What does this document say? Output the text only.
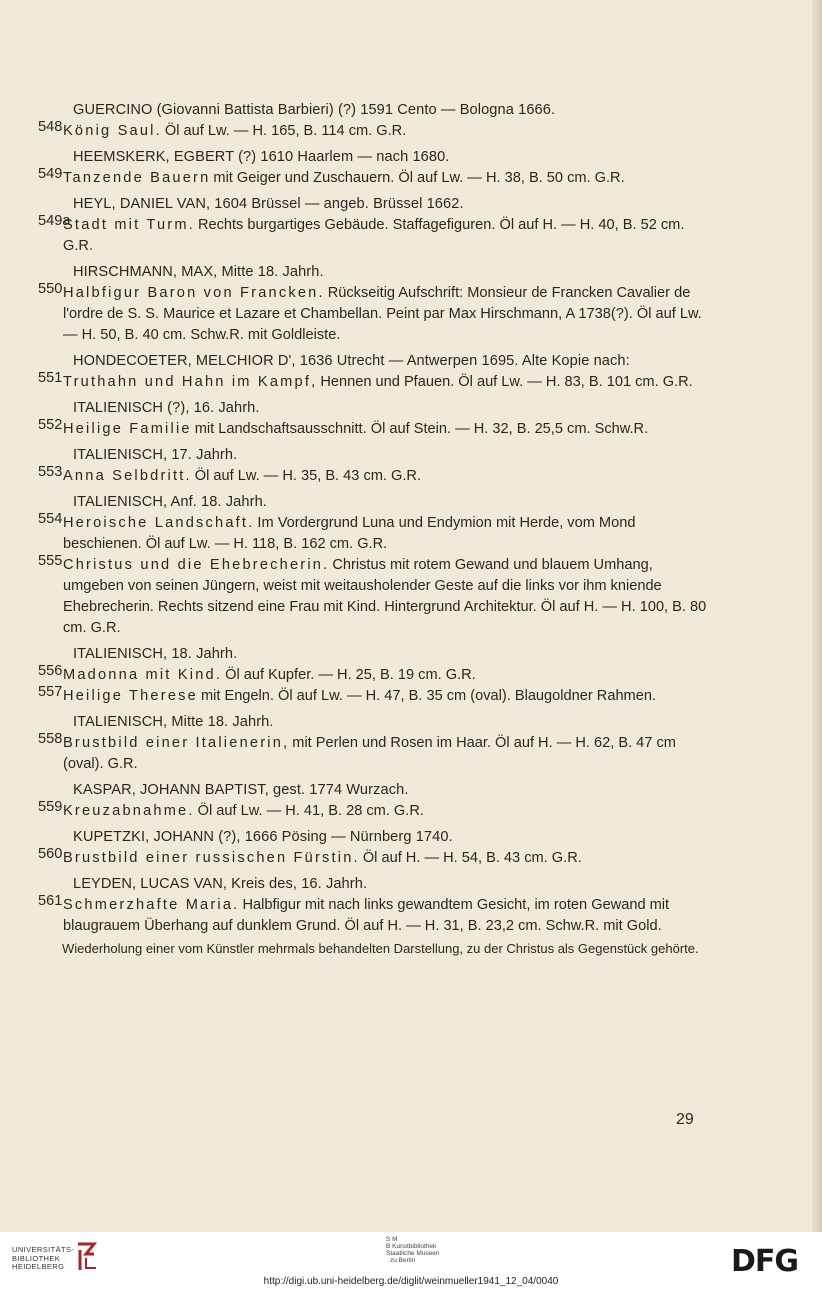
GUERCINO (Giovanni Battista Barbieri) (?) 1591 Cento — Bologna 1666.
548 König Saul. Öl auf Lw. — H. 165, B. 114 cm. G.R.
HEEMSKERK, EGBERT (?) 1610 Haarlem — nach 1680.
549 Tanzende Bauern mit Geiger und Zuschauern. Öl auf Lw. — H. 38, B. 50 cm. G.R.
HEYL, DANIEL VAN, 1604 Brüssel — angeb. Brüssel 1662.
549a
Stadt mit Turm. Rechts burgartiges Gebäude. Staffagefiguren. Öl auf H. — H. 40, B. 52 cm. G.R.
HIRSCHMANN, MAX, Mitte 18. Jahrh.
550 Halbfigur Baron von Francken. Rückseitig Aufschrift: Monsieur de Francken Cavalier de l'ordre de S. S. Maurice et Lazare et Chambellan. Peint par Max Hirschmann, A 1738(?). Öl auf Lw. — H. 50, B. 40 cm. Schw.R. mit Goldleiste.
HONDECOETER, MELCHIOR D', 1636 Utrecht — Antwerpen 1695. Alte Kopie nach:
551 Truthahn und Hahn im Kampf, Hennen und Pfauen. Öl auf Lw. — H. 83, B. 101 cm. G.R.
ITALIENISCH (?), 16. Jahrh.
552 Heilige Familie mit Landschaftsausschnitt. Öl auf Stein. — H. 32, B. 25,5 cm. Schw.R.
ITALIENISCH, 17. Jahrh.
553 Anna Selbdritt. Öl auf Lw. — H. 35, B. 43 cm. G.R.
ITALIENISCH, Anf. 18. Jahrh.
554 Heroische Landschaft. Im Vordergrund Luna und Endymion mit Herde, vom Mond beschienen. Öl auf Lw. — H. 118, B. 162 cm. G.R.
555 Christus und die Ehebrecherin. Christus mit rotem Gewand und blauem Umhang, umgeben von seinen Jüngern, weist mit weitausholender Geste auf die links vor ihm kniende Ehebrecherin. Rechts sitzend eine Frau mit Kind. Hintergrund Architektur. Öl auf H. — H. 100, B. 80 cm. G.R.
ITALIENISCH, 18. Jahrh.
556 Madonna mit Kind. Öl auf Kupfer. — H. 25, B. 19 cm. G.R.
557 Heilige Therese mit Engeln. Öl auf Lw. — H. 47, B. 35 cm (oval). Blaugoldner Rahmen.
ITALIENISCH, Mitte 18. Jahrh.
558 Brustbild einer Italienerin, mit Perlen und Rosen im Haar. Öl auf H. — H. 62, B. 47 cm (oval). G.R.
KASPAR, JOHANN BAPTIST, gest. 1774 Wurzach.
559 Kreuzabnahme. Öl auf Lw. — H. 41, B. 28 cm. G.R.
KUPETZKI, JOHANN (?), 1666 Pösing — Nürnberg 1740.
560 Brustbild einer russischen Fürstin. Öl auf H. — H. 54, B. 43 cm. G.R.
LEYDEN, LUCAS VAN, Kreis des, 16. Jahrh.
561 Schmerzhafte Maria. Halbfigur mit nach links gewandtem Gesicht, im roten Gewand mit blaugrauem Überhang auf dunklem Grund. Öl auf H. — H. 31, B. 23,2 cm. Schw.R. mit Gold.
Wiederholung einer vom Künstler mehrmals behandelten Darstellung, zu der Christus als Gegenstück gehörte.
29
UNIVERSITÄTS-
BIBLIOTHEK
HEIDELBERG
S M
B Kunstbibliothek
Staatliche Museen
zu Berlin	DFG
http://digi.ub.uni-heidelberg.de/diglit/weinmueller1941_12_04/0040
